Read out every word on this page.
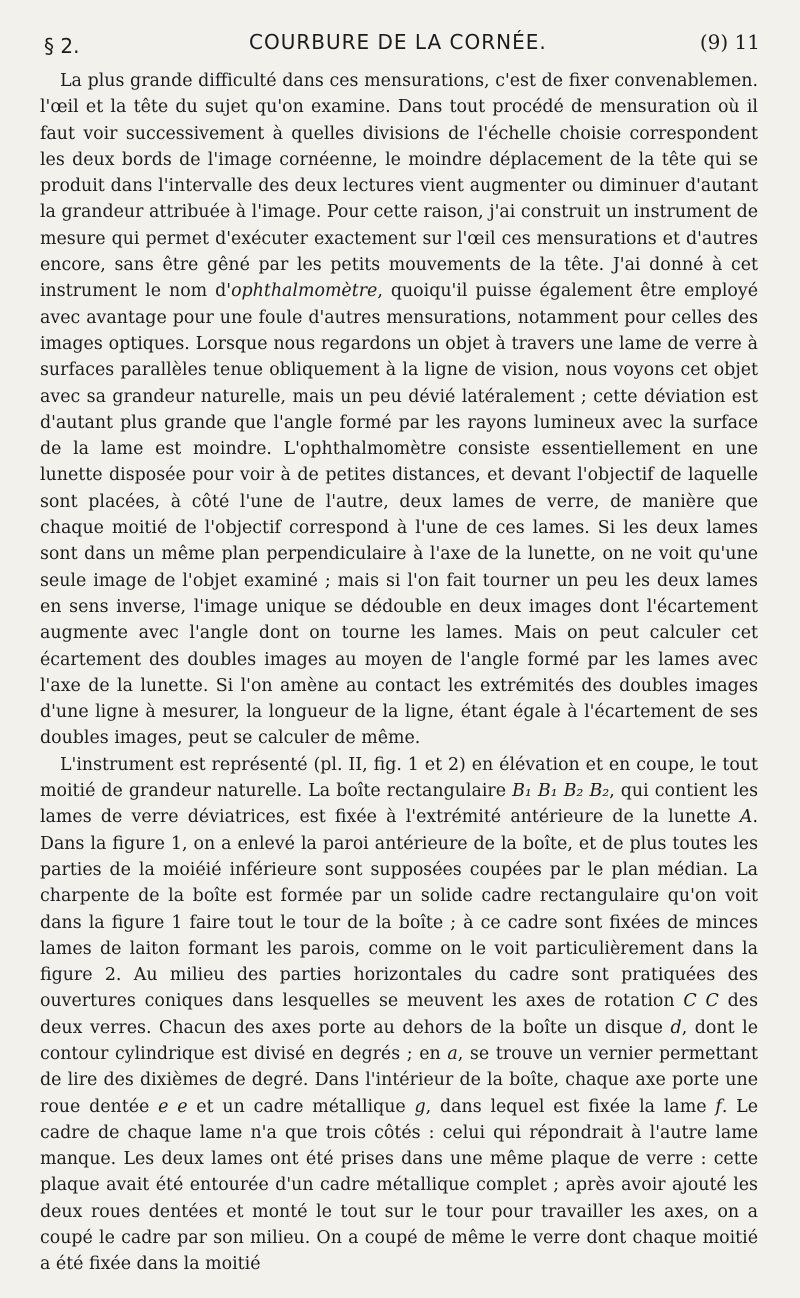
§ 2.	COURBURE DE LA CORNÉE.	(9) 11

La plus grande difficulté dans ces mensurations, c'est de fixer convenablemen. l'œil et la tête du sujet qu'on examine. Dans tout procédé de mensuration où il faut voir successivement à quelles divisions de l'échelle choisie correspondent les deux bords de l'image cornéenne, le moindre déplacement de la tête qui se produit dans l'intervalle des deux lectures vient augmenter ou diminuer d'autant la grandeur attribuée à l'image. Pour cette raison, j'ai construit un instrument de mesure qui permet d'exécuter exactement sur l'œil ces mensurations et d'autres encore, sans être gêné par les petits mouvements de la tête. J'ai donné à cet instrument le nom d'ophthalmomètre, quoiqu'il puisse également être employé avec avantage pour une foule d'autres mensurations, notamment pour celles des images optiques. Lorsque nous regardons un objet à travers une lame de verre à surfaces parallèles tenue obliquement à la ligne de vision, nous voyons cet objet avec sa grandeur naturelle, mais un peu dévié latéralement ; cette déviation est d'autant plus grande que l'angle formé par les rayons lumineux avec la surface de la lame est moindre. L'ophthalmomètre consiste essentiellement en une lunette disposée pour voir à de petites distances, et devant l'objectif de laquelle sont placées, à côté l'une de l'autre, deux lames de verre, de manière que chaque moitié de l'objectif correspond à l'une de ces lames. Si les deux lames sont dans un même plan perpendiculaire à l'axe de la lunette, on ne voit qu'une seule image de l'objet examiné ; mais si l'on fait tourner un peu les deux lames en sens inverse, l'image unique se dédouble en deux images dont l'écartement augmente avec l'angle dont on tourne les lames. Mais on peut calculer cet écartement des doubles images au moyen de l'angle formé par les lames avec l'axe de la lunette. Si l'on amène au contact les extrémités des doubles images d'une ligne à mesurer, la longueur de la ligne, étant égale à l'écartement de ses doubles images, peut se calculer de même.

L'instrument est représenté (pl. II, fig. 1 et 2) en élévation et en coupe, le tout moitié de grandeur naturelle. La boîte rectangulaire B₁ B₁ B₂ B₂, qui contient les lames de verre déviatrices, est fixée à l'extrémité antérieure de la lunette A. Dans la figure 1, on a enlevé la paroi antérieure de la boîte, et de plus toutes les parties de la moiéié inférieure sont supposées coupées par le plan médian. La charpente de la boîte est formée par un solide cadre rectangulaire qu'on voit dans la figure 1 faire tout le tour de la boîte ; à ce cadre sont fixées de minces lames de laiton formant les parois, comme on le voit particulièrement dans la figure 2. Au milieu des parties horizontales du cadre sont pratiquées des ouvertures coniques dans lesquelles se meuvent les axes de rotation C C des deux verres. Chacun des axes porte au dehors de la boîte un disque d, dont le contour cylindrique est divisé en degrés ; en a, se trouve un vernier permettant de lire des dixièmes de degré. Dans l'intérieur de la boîte, chaque axe porte une roue dentée e e et un cadre métallique g, dans lequel est fixée la lame f. Le cadre de chaque lame n'a que trois côtés : celui qui répondrait à l'autre lame manque. Les deux lames ont été prises dans une même plaque de verre : cette plaque avait été entourée d'un cadre métallique complet ; après avoir ajouté les deux roues dentées et monté le tout sur le tour pour travailler les axes, on a coupé le cadre par son milieu. On a coupé de même le verre dont chaque moitié a été fixée dans la moitié
